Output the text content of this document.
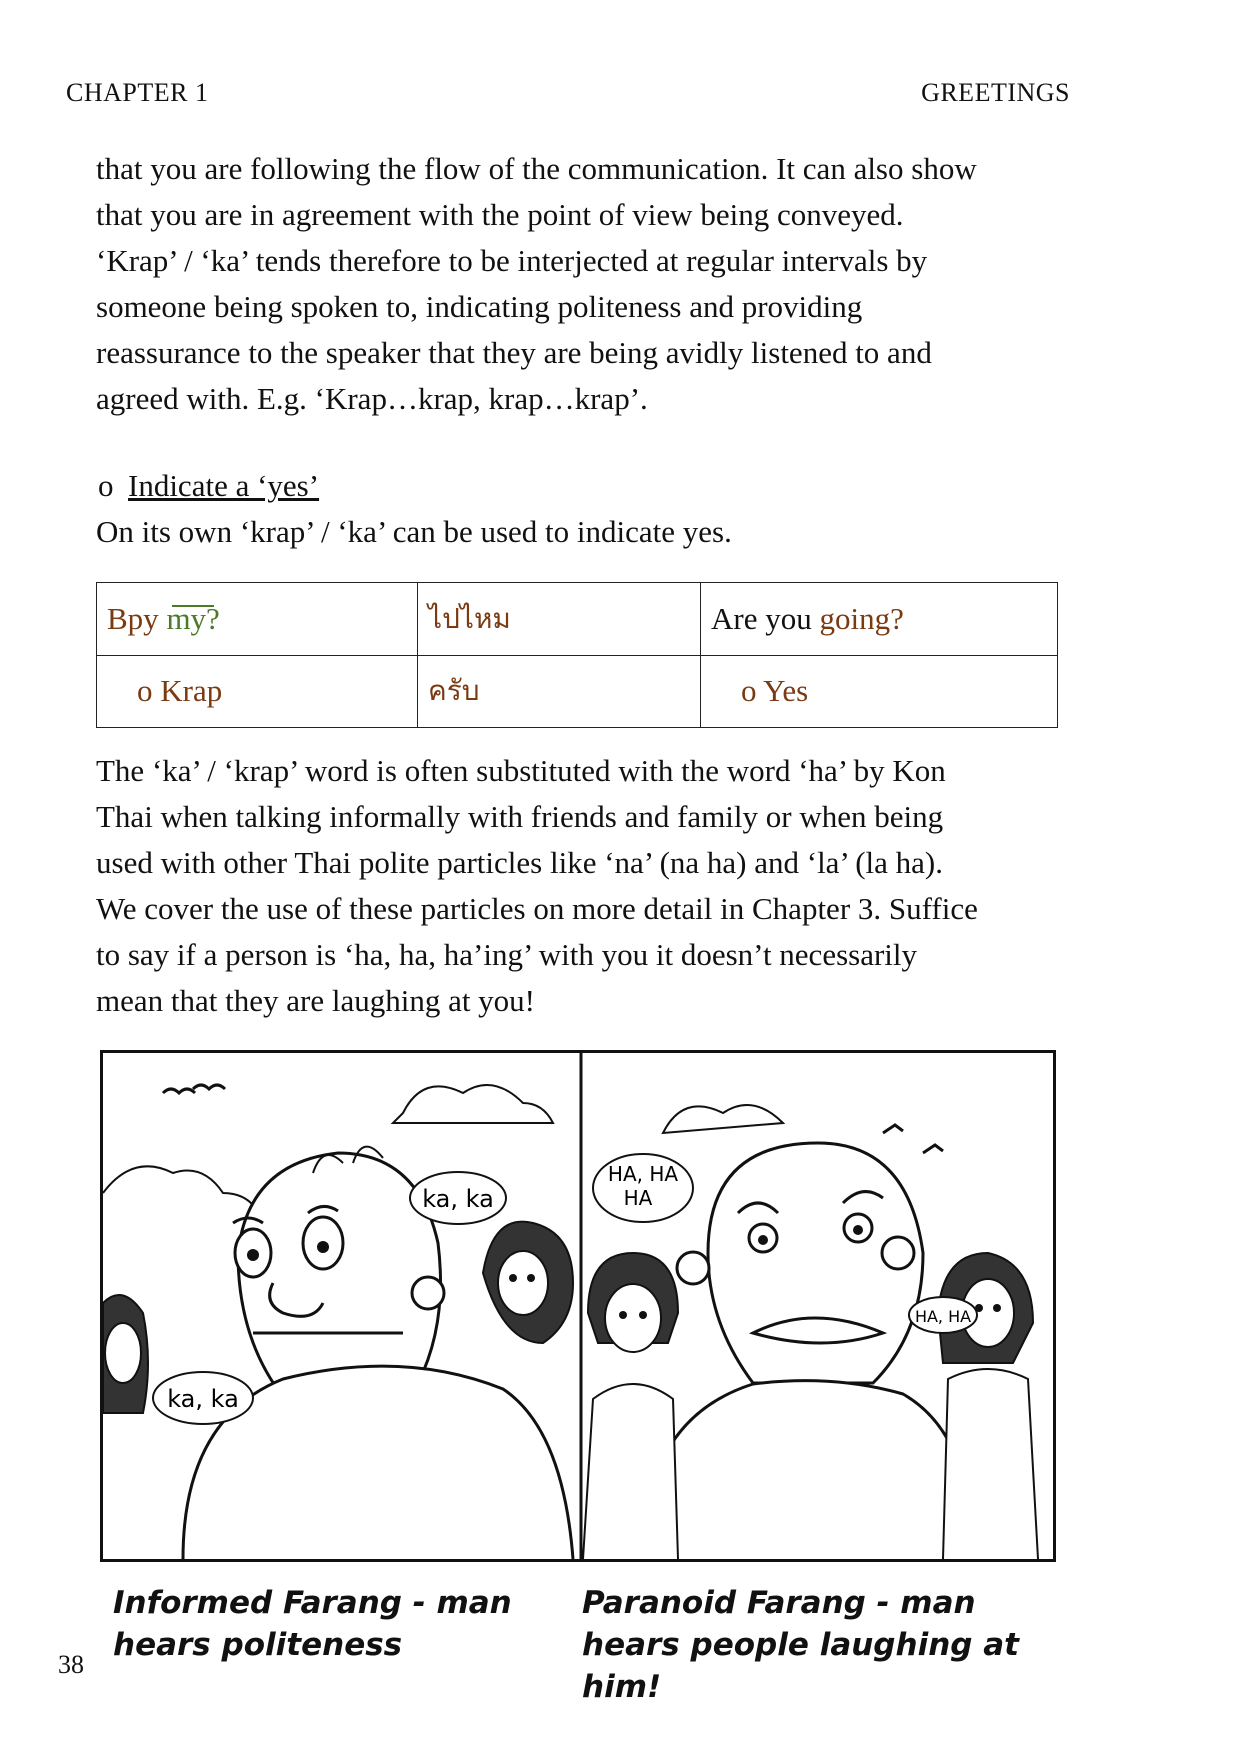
CHAPTER 1	GREETINGS

that you are following the flow of the communication. It can also show

that you are in agreement with the point of view being conveyed.

‘Krap’ / ‘ka’ tends therefore to be interjected at regular intervals by

someone being spoken to, indicating politeness and providing

reassurance to the speaker that they are being avidly listened to and

agreed with. E.g. ‘Krap…krap, krap…krap’.

o Indicate a ‘yes’
On its own ‘krap’ / ‘ka’ can be used to indicate yes.
Bpy my?	ไปไหม	Are you going?
o Krap	ครับ	o Yes

The ‘ka’ / ‘krap’ word is often substituted with the word ‘ha’ by Kon

Thai when talking informally with friends and family or when being

used with other Thai polite particles like ‘na’ (na ha) and ‘la’ (la ha).

We cover the use of these particles on more detail in Chapter 3. Suffice

to say if a person is ‘ha, ha, ha’ing’ with you it doesn’t necessarily

mean that they are laughing at you!

ka, ka
ka, ka
HA, HA
HA
HA, HA
Informed Farang - man hears politeness
Paranoid Farang - man hears people laughing at him!
38
